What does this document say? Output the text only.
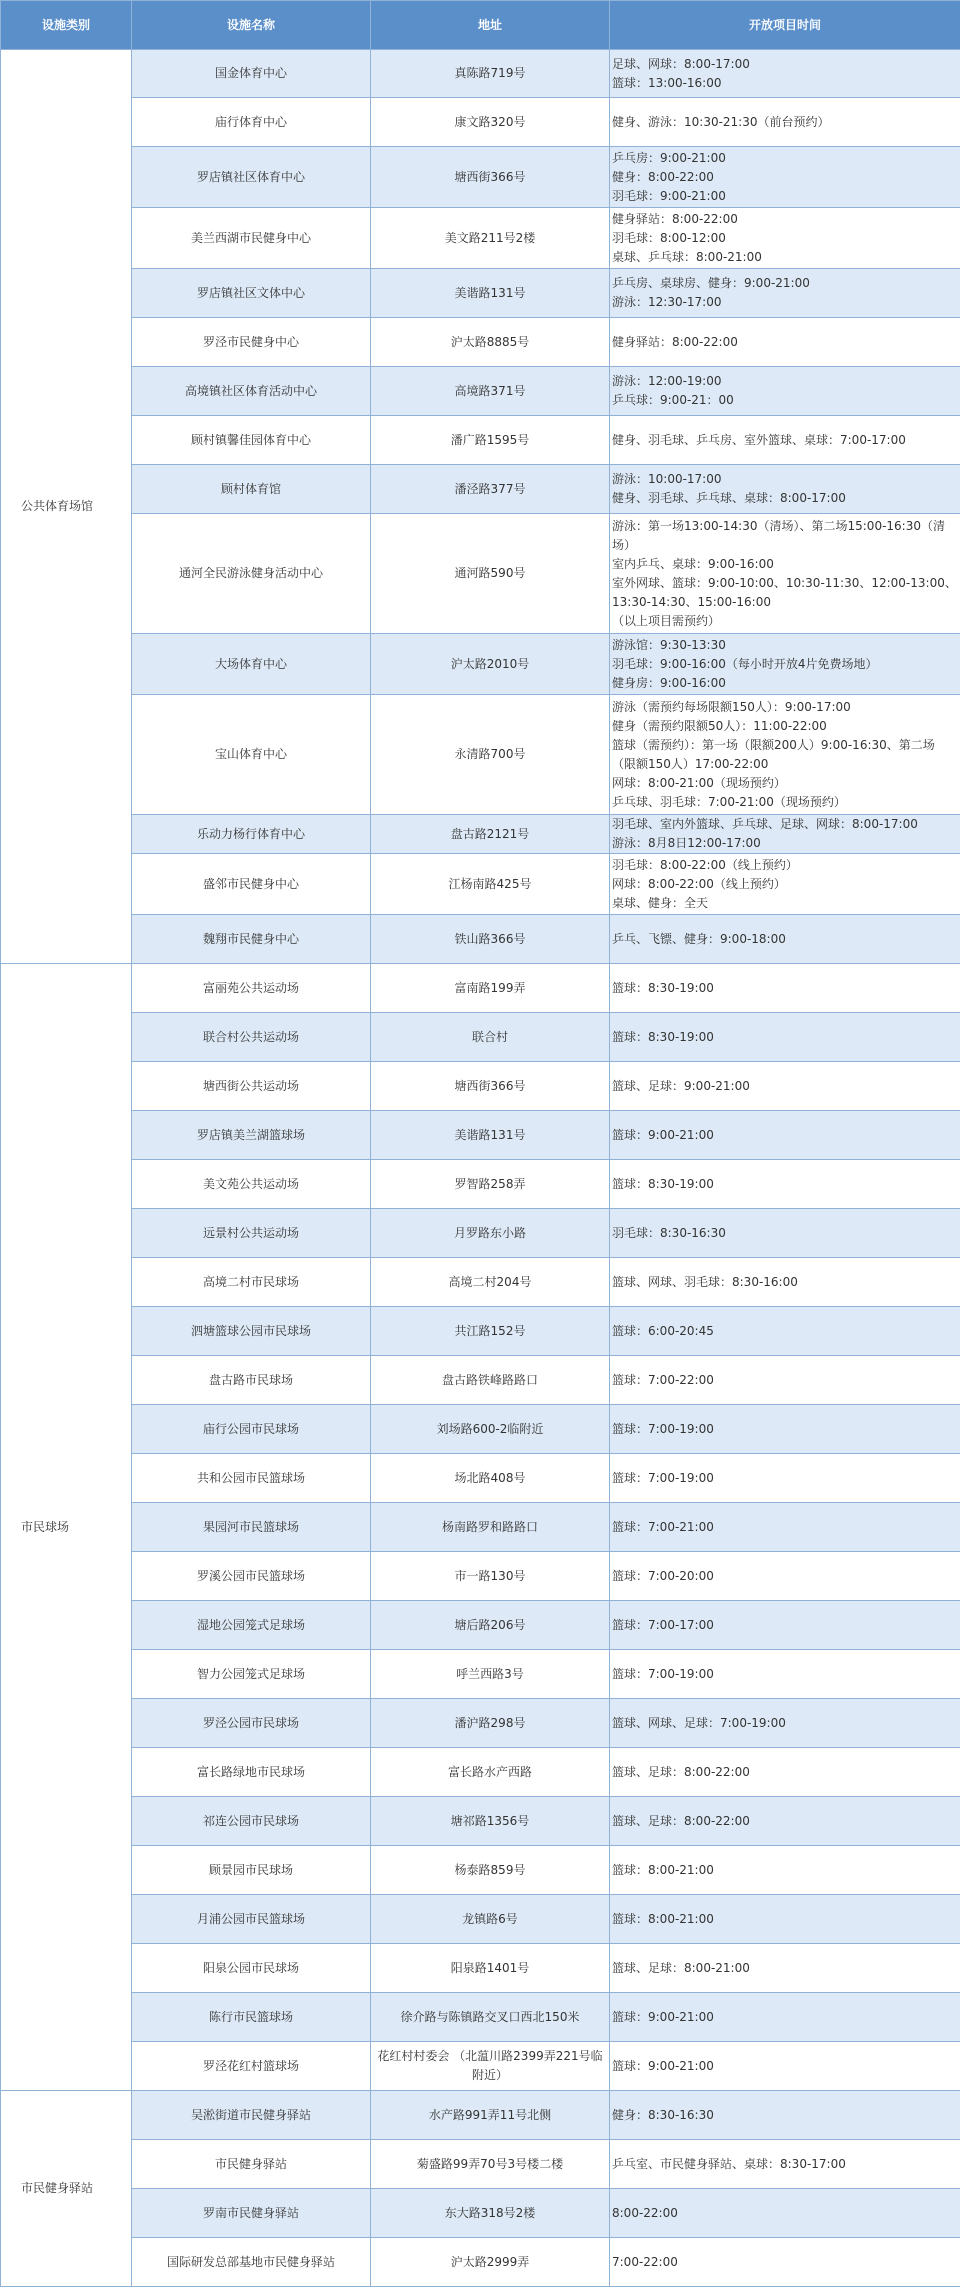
设施类别	设施名称	地址	开放项目时间
公共体育场馆	国金体育中心	真陈路719号	足球、网球：8:00-17:00
篮球：13:00-16:00
	庙行体育中心	康文路320号	健身、游泳：10:30-21:30（前台预约）
	罗店镇社区体育中心	塘西街366号	乒乓房：9:00-21:00
健身：8:00-22:00
羽毛球：9:00-21:00
	美兰西湖市民健身中心	美文路211号2楼	健身驿站：8:00-22:00
羽毛球：8:00-12:00
桌球、乒乓球：8:00-21:00
	罗店镇社区文体中心	美谐路131号	乒乓房、桌球房、健身：9:00-21:00
游泳：12:30-17:00
	罗泾市民健身中心	沪太路8885号	健身驿站：8:00-22:00
	高境镇社区体育活动中心	高境路371号	游泳：12:00-19:00
乒乓球：9:00-21：00
	顾村镇馨佳园体育中心	潘广路1595号	健身、羽毛球、乒乓房、室外篮球、桌球：7:00-17:00
	顾村体育馆	潘泾路377号	游泳：10:00-17:00
健身、羽毛球、乒乓球、桌球：8:00-17:00
	通河全民游泳健身活动中心	通河路590号	游泳：第一场13:00-14:30（清场）、第二场15:00-16:30（清场）
室内乒乓、桌球：9:00-16:00
室外网球、篮球：9:00-10:00、10:30-11:30、12:00-13:00、13:30-14:30、15:00-16:00
（以上项目需预约）
	大场体育中心	沪太路2010号	游泳馆：9:30-13:30
羽毛球：9:00-16:00（每小时开放4片免费场地）
健身房：9:00-16:00
	宝山体育中心	永清路700号	游泳（需预约每场限额150人）：9:00-17:00
健身（需预约限额50人）：11:00-22:00
篮球（需预约）：第一场（限额200人）9:00-16:30、第二场（限额150人）17:00-22:00
网球：8:00-21:00（现场预约）
乒乓球、羽毛球：7:00-21:00（现场预约）
	乐动力杨行体育中心	盘古路2121号	羽毛球、室内外篮球、乒乓球、足球、网球：8:00-17:00
游泳：8月8日12:00-17:00
	盛邻市民健身中心	江杨南路425号	羽毛球：8:00-22:00（线上预约）
网球：8:00-22:00（线上预约）
桌球、健身：全天
	魏翔市民健身中心	铁山路366号	乒乓、飞镖、健身：9:00-18:00
市民球场	富丽苑公共运动场	富南路199弄	篮球：8:30-19:00
	联合村公共运动场	联合村	篮球：8:30-19:00
	塘西街公共运动场	塘西街366号	篮球、足球：9:00-21:00
	罗店镇美兰湖篮球场	美谐路131号	篮球：9:00-21:00
	美文苑公共运动场	罗智路258弄	篮球：8:30-19:00
	远景村公共运动场	月罗路东小路	羽毛球：8:30-16:30
	高境二村市民球场	高境二村204号	篮球、网球、羽毛球：8:30-16:00
	泗塘篮球公园市民球场	共江路152号	篮球：6:00-20:45
	盘古路市民球场	盘古路铁峰路路口	篮球：7:00-22:00
	庙行公园市民球场	刘场路600-2临附近	篮球：7:00-19:00
	共和公园市民篮球场	场北路408号	篮球：7:00-19:00
	果园河市民篮球场	杨南路罗和路路口	篮球：7:00-21:00
	罗溪公园市民篮球场	市一路130号	篮球：7:00-20:00
	湿地公园笼式足球场	塘后路206号	篮球：7:00-17:00
	智力公园笼式足球场	呼兰西路3号	篮球：7:00-19:00
	罗泾公园市民球场	潘沪路298号	篮球、网球、足球：7:00-19:00
	富长路绿地市民球场	富长路水产西路	篮球、足球：8:00-22:00
	祁连公园市民球场	塘祁路1356号	篮球、足球：8:00-22:00
	顾景园市民球场	杨泰路859号	篮球：8:00-21:00
	月浦公园市民篮球场	龙镇路6号	篮球：8:00-21:00
	阳泉公园市民球场	阳泉路1401号	篮球、足球：8:00-21:00
	陈行市民篮球场	徐介路与陈镇路交叉口西北150米	篮球：9:00-21:00
	罗泾花红村篮球场	花红村村委会 （北蕰川路2399弄221号临附近）	篮球：9:00-21:00
市民健身驿站	吴淞街道市民健身驿站	水产路991弄11号北侧	健身：8:30-16:30
	市民健身驿站	菊盛路99弄70号3号楼二楼	乒乓室、市民健身驿站、桌球：8:30-17:00
	罗南市民健身驿站	东大路318号2楼	8:00-22:00
	国际研发总部基地市民健身驿站	沪太路2999弄	7:00-22:00
